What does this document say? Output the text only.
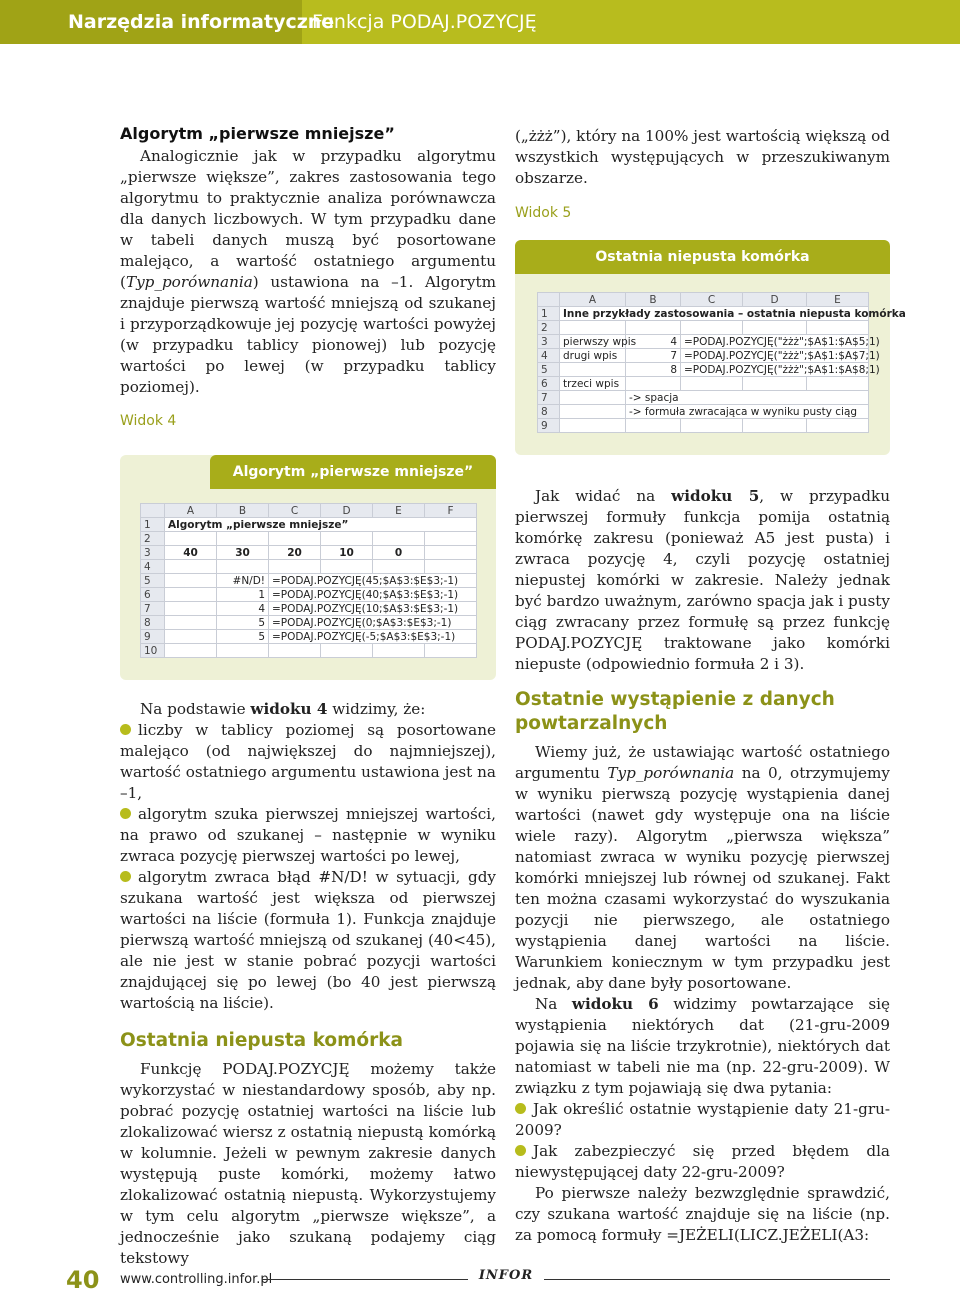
Narzędzia informatyczne
Funkcja PODAJ.POZYCJĘ
Algorytm „pierwsze mniejsze”

Analogicznie jak w przypadku algorytmu „pierwsze większe”, zakres zastosowania tego algorytmu to praktycznie analiza porównawcza dla danych liczbowych. W tym przypadku dane w tabeli danych muszą być posortowane malejąco, a wartość ostatniego argumentu (Typ_porównania) ustawiona na –1. Algorytm znajduje pierwszą wartość mniejszą od szukanej i przyporządkowuje jej pozycję wartości powyżej (w przypadku tablicy pionowej) lub pozycję wartości po lewej (w przypadku tablicy poziomej).

Widok 4
Algorytm „pierwsze mniejsze”
	A	B	C	D	E	F
1	Algorytm „pierwsze mniejsze”					
2						
3	40	30	20	10	0	
4						
5		#N/D!	=PODAJ.POZYCJĘ(45;$A$3:$E$3;-1)			
6		1	=PODAJ.POZYCJĘ(40;$A$3:$E$3;-1)			
7		4	=PODAJ.POZYCJĘ(10;$A$3:$E$3;-1)			
8		5	=PODAJ.POZYCJĘ(0;$A$3:$E$3;-1)			
9		5	=PODAJ.POZYCJĘ(-5;$A$3:$E$3;-1)			
10						

Na podstawie widoku 4 widzimy, że:

liczby w tablicy poziomej są posortowane malejąco (od największej do najmniejszej), wartość ostatniego argumentu ustawiona jest na –1,

algorytm szuka pierwszej mniejszej wartości, na prawo od szukanej – następnie w wyniku zwraca pozycję pierwszej wartości po lewej,

algorytm zwraca błąd #N/D! w sytuacji, gdy szukana wartość jest większa od pierwszej wartości na liście (formuła 1). Funkcja znajduje pierwszą wartość mniejszą od szukanej (40<45), ale nie jest w stanie pobrać pozycji wartości znajdującej się po lewej (bo 40 jest pierwszą wartością na liście).

Ostatnia niepusta komórka

Funkcję PODAJ.POZYCJĘ możemy także wykorzystać w niestandardowy sposób, aby np. pobrać pozycję ostatniej wartości na liście lub zlokalizować wiersz z ostatnią niepustą komórką w kolumnie. Jeżeli w pewnym zakresie danych występują puste komórki, możemy łatwo zlokalizować ostatnią niepustą. Wykorzystujemy w tym celu algorytm „pierwsze większe”, a jednocześnie jako szukaną podajemy ciąg tekstowy

(„żżż”), który na 100% jest wartością większą od wszystkich występujących w przeszukiwanym obszarze.

Widok 5
Ostatnia niepusta komórka
	A	B	C	D	E
1	Inne przykłady zastosowania – ostatnia niepusta komórka				
2					
3	pierwszy wpis	4	=PODAJ.POZYCJĘ("żżż";$A$1:$A$5;1)		
4	drugi wpis	7	=PODAJ.POZYCJĘ("żżż";$A$1:$A$7;1)		
5		8	=PODAJ.POZYCJĘ("żżż";$A$1:$A$8;1)		
6	trzeci wpis				
7		-> spacja			
8		-> formuła zwracająca w wyniku pusty ciąg			
9					

Jak widać na widoku 5, w przypadku pierwszej formuły funkcja pomija ostatnią komórkę zakresu (ponieważ A5 jest pusta) i zwraca pozycję 4, czyli pozycję ostatniej niepustej komórki w zakresie. Należy jednak być bardzo uważnym, zarówno spacja jak i pusty ciąg zwracany przez formułę są przez funkcję PODAJ.POZYCJĘ traktowane jako komórki niepuste (odpowiednio formuła 2 i 3).

Ostatnie wystąpienie z danych powtarzalnych

Wiemy już, że ustawiając wartość ostatniego argumentu Typ_porównania na 0, otrzymujemy w wyniku pierwszą pozycję wystąpienia danej wartości (nawet gdy występuje ona na liście wiele razy). Algorytm „pierwsza większa” natomiast zwraca w wyniku pozycję pierwszej komórki mniejszej lub równej od szukanej. Fakt ten można czasami wykorzystać do wyszukania pozycji nie pierwszego, ale ostatniego wystąpienia danej wartości na liście. Warunkiem koniecznym w tym przypadku jest jednak, aby dane były posortowane.

Na widoku 6 widzimy powtarzające się wystąpienia niektórych dat (21-gru-2009 pojawia się na liście trzykrotnie), niektórych dat natomiast w tabeli nie ma (np. 22-gru-2009). W związku z tym pojawiają się dwa pytania:

Jak określić ostatnie wystąpienie daty 21-gru-2009?

Jak zabezpieczyć się przed błędem dla niewystępującej daty 22-gru-2009?

Po pierwsze należy bezwzględnie sprawdzić, czy szukana wartość znajduje się na liście (np. za pomocą formuły =JEŻELI(LICZ.JEŻELI(A3:

40 www.controlling.infor.pl	INFOR
